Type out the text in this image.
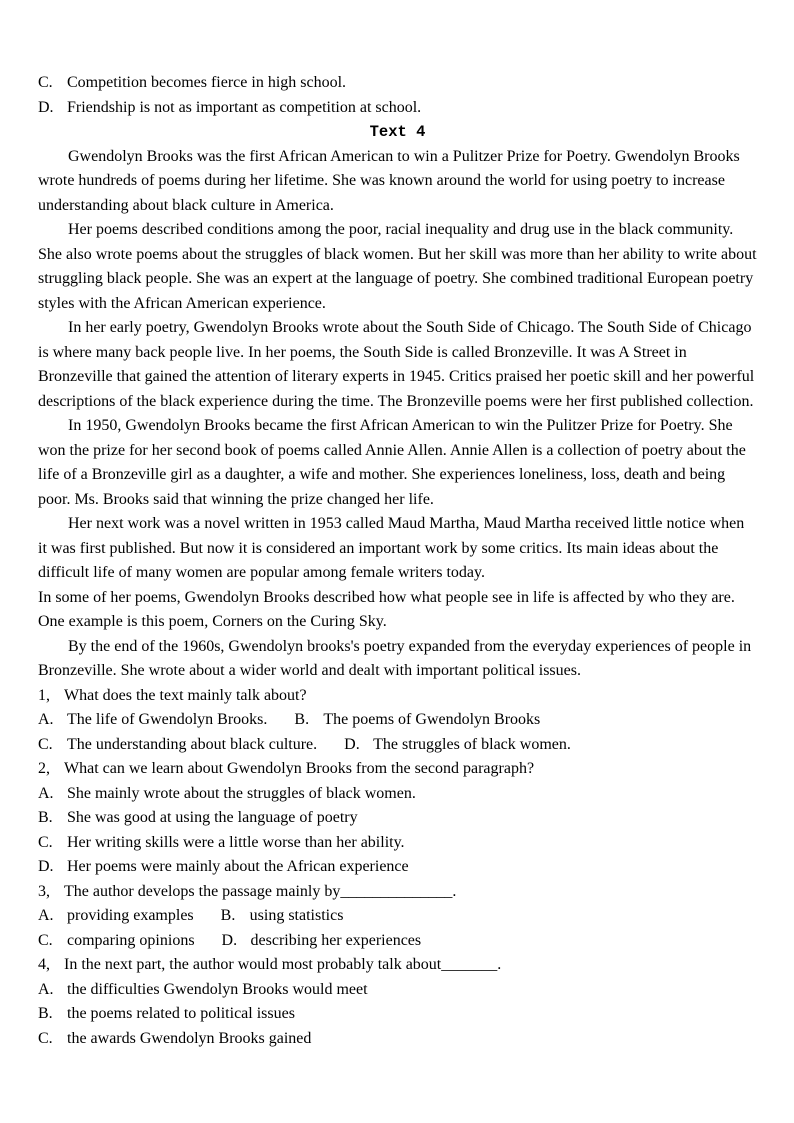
C. Competition becomes fierce in high school.
D. Friendship is not as important as competition at school.
Text 4

Gwendolyn Brooks was the first African American to win a Pulitzer Prize for Poetry. Gwendolyn Brooks wrote hundreds of poems during her lifetime. She was known around the world for using poetry to increase understanding about black culture in America.

Her poems described conditions among the poor, racial inequality and drug use in the black community. She also wrote poems about the struggles of black women. But her skill was more than her ability to write about struggling black people. She was an expert at the language of poetry. She combined traditional European poetry styles with the African American experience.

In her early poetry, Gwendolyn Brooks wrote about the South Side of Chicago. The South Side of Chicago is where many back people live. In her poems, the South Side is called Bronzeville. It was A Street in Bronzeville that gained the attention of literary experts in 1945. Critics praised her poetic skill and her powerful descriptions of the black experience during the time. The Bronzeville poems were her first published collection.

In 1950, Gwendolyn Brooks became the first African American to win the Pulitzer Prize for Poetry. She won the prize for her second book of poems called Annie Allen. Annie Allen is a collection of poetry about the life of a Bronzeville girl as a daughter, a wife and mother. She experiences loneliness, loss, death and being poor. Ms. Brooks said that winning the prize changed her life.

Her next work was a novel written in 1953 called Maud Martha, Maud Martha received little notice when it was first published. But now it is considered an important work by some critics. Its main ideas about the difficult life of many women are popular among female writers today.

In some of her poems, Gwendolyn Brooks described how what people see in life is affected by who they are. One example is this poem, Corners on the Curing Sky.

By the end of the 1960s, Gwendolyn brooks's poetry expanded from the everyday experiences of people in Bronzeville. She wrote about a wider world and dealt with important political issues.

1, What does the text mainly talk about?
A. The life of Gwendolyn Brooks. B. The poems of Gwendolyn Brooks
C. The understanding about black culture. D. The struggles of black women.
2, What can we learn about Gwendolyn Brooks from the second paragraph?
A. She mainly wrote about the struggles of black women.
B. She was good at using the language of poetry
C. Her writing skills were a little worse than her ability.
D. Her poems were mainly about the African experience
3, The author develops the passage mainly by______________.
A. providing examples B. using statistics
C. comparing opinions D. describing her experiences
4, In the next part, the author would most probably talk about_______.
A. the difficulties Gwendolyn Brooks would meet
B. the poems related to political issues
C. the awards Gwendolyn Brooks gained
